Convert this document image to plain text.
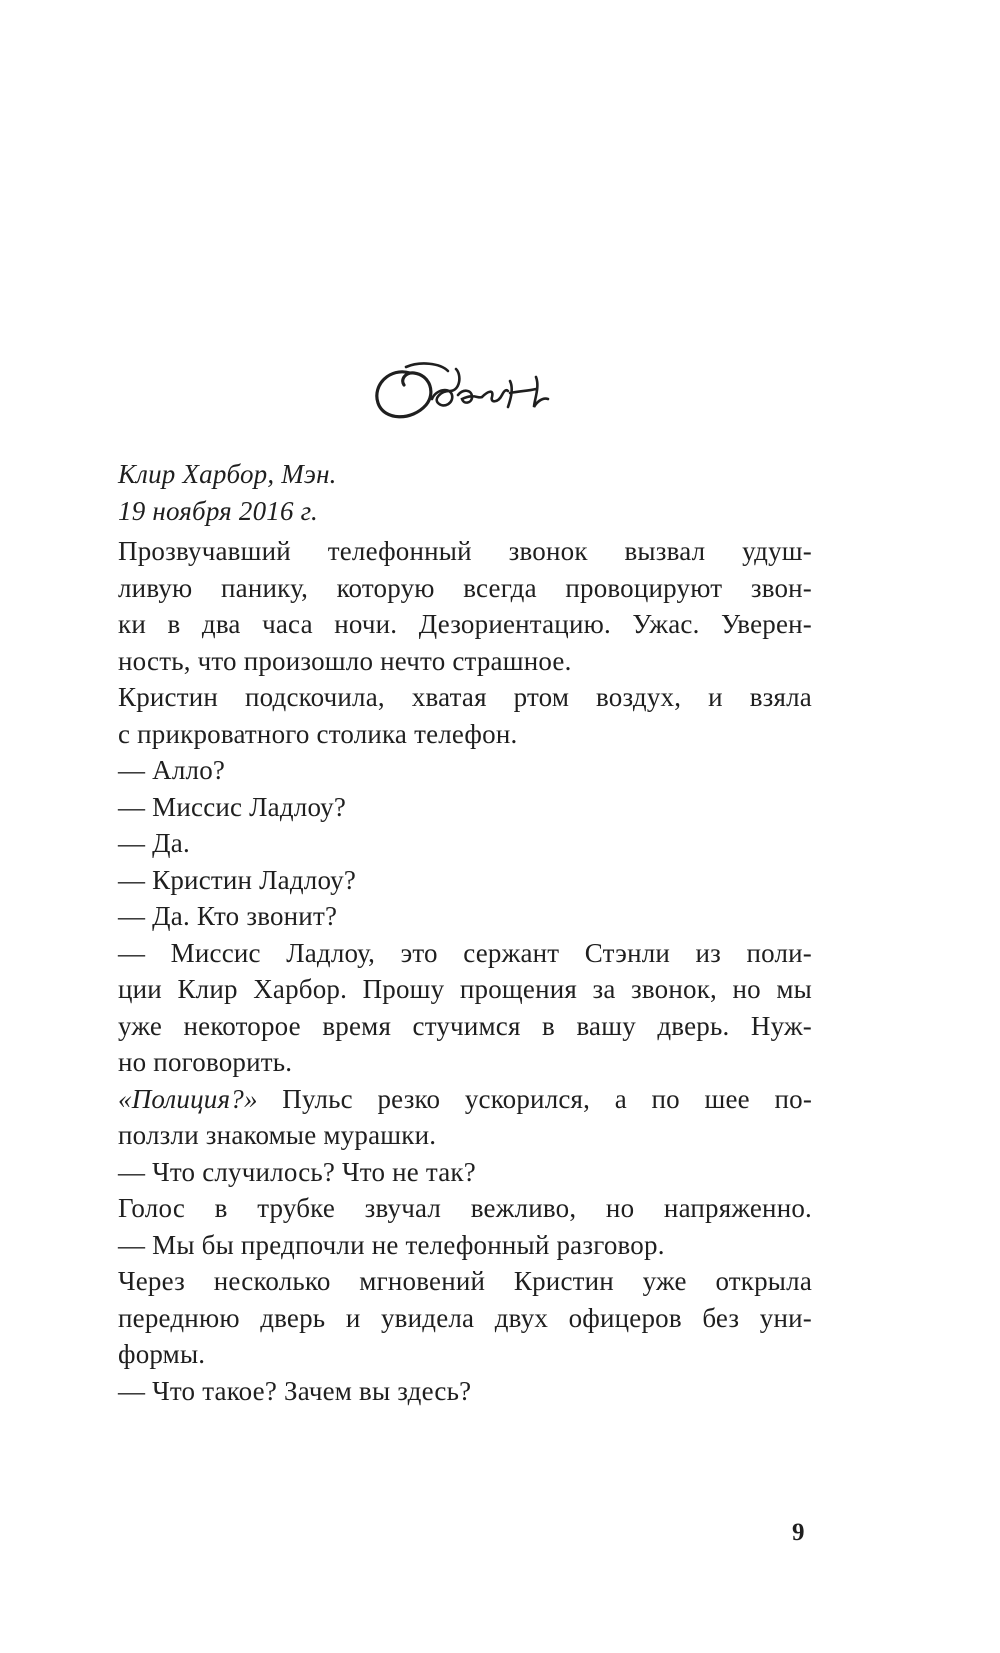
Клир Харбор, Мэн.
19 ноября 2016 г.
Прозвучавший телефонный звонок вызвал удуш-
ливую панику, которую всегда провоцируют звон-
ки в два часа ночи. Дезориентацию. Ужас. Уверен-
ность, что произошло нечто страшное.
Кристин подскочила, хватая ртом воздух, и взяла
с прикроватного столика телефон.
— Алло?
— Миссис Ладлоу?
— Да.
— Кристин Ладлоу?
— Да. Кто звонит?
— Миссис Ладлоу, это сержант Стэнли из поли-
ции Клир Харбор. Прошу прощения за звонок, но мы
уже некоторое время стучимся в вашу дверь. Нуж-
но поговорить.
«Полиция?» Пульс резко ускорился, а по шее по-
ползли знакомые мурашки.
— Что случилось? Что не так?
Голос в трубке звучал вежливо, но напряженно.
— Мы бы предпочли не телефонный разговор.
Через несколько мгновений Кристин уже открыла
переднюю дверь и увидела двух офицеров без уни-
формы.
— Что такое? Зачем вы здесь?
9
